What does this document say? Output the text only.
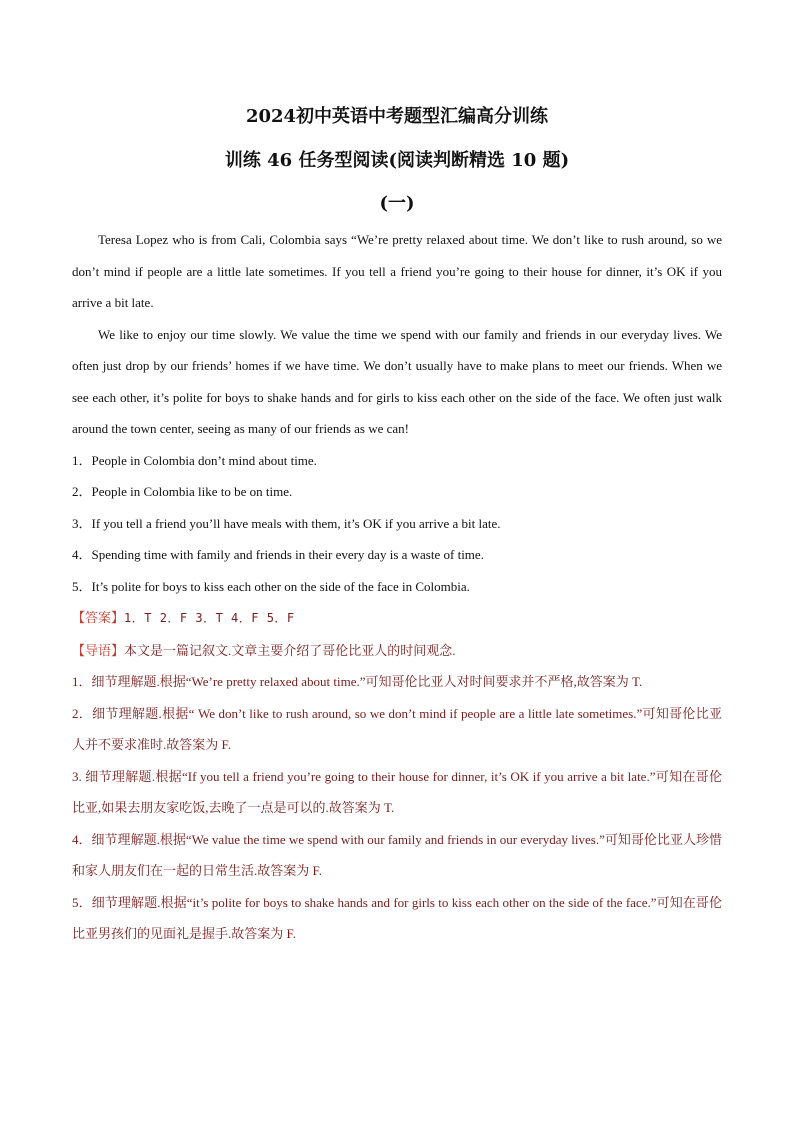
2024初中英语中考题型汇编高分训练
训练 46 任务型阅读(阅读判断精选 10 题)
(一)

Teresa Lopez who is from Cali, Colombia says “We’re pretty relaxed about time. We don’t like to rush around, so we don’t mind if people are a little late sometimes. If you tell a friend you’re going to their house for dinner, it’s OK if you arrive a bit late.

We like to enjoy our time slowly. We value the time we spend with our family and friends in our everyday lives. We often just drop by our friends’ homes if we have time. We don’t usually have to make plans to meet our friends. When we see each other, it’s polite for boys to shake hands and for girls to kiss each other on the side of the face. We often just walk around the town center, seeing as many of our friends as we can!

1．People in Colombia don’t mind about time.

2．People in Colombia like to be on time.

3．If you tell a friend you’ll have meals with them, it’s OK if you arrive a bit late.

4．Spending time with family and friends in their every day is a waste of time.

5．It’s polite for boys to kiss each other on the side of the face in Colombia.

【答案】1．T 2．F 3．T 4．F 5．F

【导语】本文是一篇记叙文.文章主要介绍了哥伦比亚人的时间观念.

1．细节理解题.根据“We’re pretty relaxed about time.”可知哥伦比亚人对时间要求并不严格,故答案为 T.

2．细节理解题.根据“ We don’t like to rush around, so we don’t mind if people are a little late sometimes.”可知哥伦比亚人并不要求准时.故答案为 F.

3. 细节理解题.根据“If you tell a friend you’re going to their house for dinner, it’s OK if you arrive a bit late.”可知在哥伦比亚,如果去朋友家吃饭,去晚了一点是可以的.故答案为 T.

4．细节理解题.根据“We value the time we spend with our family and friends in our everyday lives.”可知哥伦比亚人珍惜和家人朋友们在一起的日常生活.故答案为 F.

5．细节理解题.根据“it’s polite for boys to shake hands and for girls to kiss each other on the side of the face.”可知在哥伦比亚男孩们的见面礼是握手.故答案为 F.
